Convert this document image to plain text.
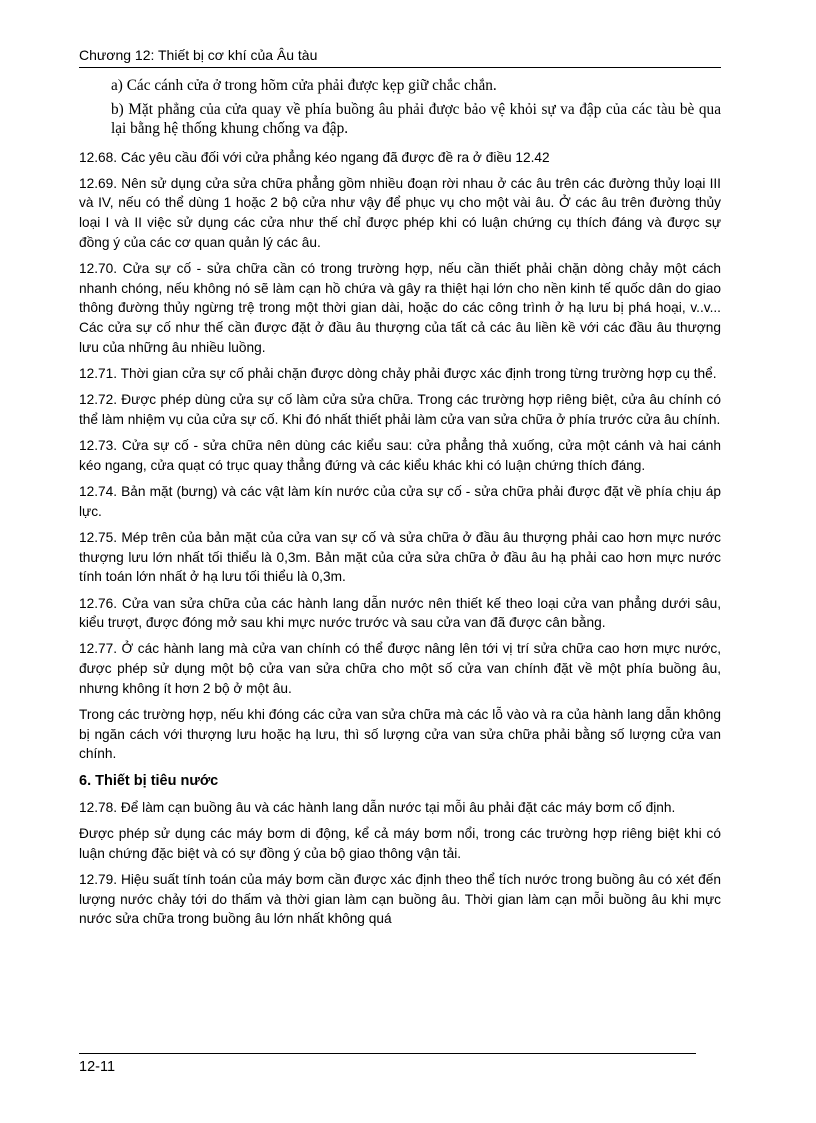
Chương 12: Thiết bị cơ khí của Âu tàu

a) Các cánh cửa ở trong hõm cửa phải được kẹp giữ chắc chắn.

b) Mặt phẳng của cửa quay về phía buồng âu phải được bảo vệ khỏi sự va đập của các tàu bè qua lại bằng hệ thống khung chống va đập.

12.68. Các yêu cầu đối với cửa phẳng kéo ngang đã được đề ra ở điều 12.42

12.69. Nên sử dụng cửa sửa chữa phẳng gồm nhiều đoạn rời nhau ở các âu trên các đường thủy loại III và IV, nếu có thể dùng 1 hoặc 2 bộ cửa như vậy để phục vụ cho một vài âu. Ở các âu trên đường thủy loại I và II việc sử dụng các cửa như thế chỉ được phép khi có luận chứng cụ thích đáng và được sự đồng ý của các cơ quan quản lý các âu.

12.70. Cửa sự cố - sửa chữa cần có trong trường hợp, nếu cần thiết phải chặn dòng chảy một cách nhanh chóng, nếu không nó sẽ làm cạn hồ chứa và gây ra thiệt hại lớn cho nền kinh tế quốc dân do giao thông đường thủy ngừng trệ trong một thời gian dài, hoặc do các công trình ở hạ lưu bị phá hoại, v..v... Các cửa sự cố như thế cần được đặt ở đầu âu thượng của tất cả các âu liền kề với các đầu âu thượng lưu của những âu nhiều luồng.

12.71. Thời gian cửa sự cố phải chặn được dòng chảy phải được xác định trong từng trường hợp cụ thể.

12.72. Được phép dùng cửa sự cố làm cửa sửa chữa. Trong các trường hợp riêng biệt, cửa âu chính có thể làm nhiệm vụ của cửa sự cố. Khi đó nhất thiết phải làm cửa van sửa chữa ở phía trước cửa âu chính.

12.73. Cửa sự cố - sửa chữa nên dùng các kiểu sau: cửa phẳng thả xuống, cửa một cánh và hai cánh kéo ngang, cửa quạt có trục quay thẳng đứng và các kiểu khác khi có luận chứng thích đáng.

12.74. Bản mặt (bưng) và các vật làm kín nước của cửa sự cố - sửa chữa phải được đặt về phía chịu áp lực.

12.75. Mép trên của bản mặt của cửa van sự cố và sửa chữa ở đầu âu thượng phải cao hơn mực nước thượng lưu lớn nhất tối thiểu là 0,3m. Bản mặt của cửa sửa chữa ở đầu âu hạ phải cao hơn mực nước tính toán lớn nhất ở hạ lưu tối thiểu là 0,3m.

12.76. Cửa van sửa chữa của các hành lang dẫn nước nên thiết kế theo loại cửa van phẳng dưới sâu, kiểu trượt, được đóng mở sau khi mực nước trước và sau cửa van đã được cân bằng.

12.77. Ở các hành lang mà cửa van chính có thể được nâng lên tới vị trí sửa chữa cao hơn mực nước, được phép sử dụng một bộ cửa van sửa chữa cho một số cửa van chính đặt về một phía buồng âu, nhưng không ít hơn 2 bộ ở một âu.

Trong các trường hợp, nếu khi đóng các cửa van sửa chữa mà các lỗ vào và ra của hành lang dẫn không bị ngăn cách với thượng lưu hoặc hạ lưu, thì số lượng cửa van sửa chữa phải bằng số lượng cửa van chính.

6. Thiết bị tiêu nước

12.78. Để làm cạn buồng âu và các hành lang dẫn nước tại mỗi âu phải đặt các máy bơm cố định.

Được phép sử dụng các máy bơm di động, kể cả máy bơm nổi, trong các trường hợp riêng biệt khi có luận chứng đặc biệt và có sự đồng ý của bộ giao thông vận tải.

12.79. Hiệu suất tính toán của máy bơm cần được xác định theo thể tích nước trong buồng âu có xét đến lượng nước chảy tới do thấm và thời gian làm cạn buồng âu. Thời gian làm cạn mỗi buồng âu khi mực nước sửa chữa trong buồng âu lớn nhất không quá

12-11
